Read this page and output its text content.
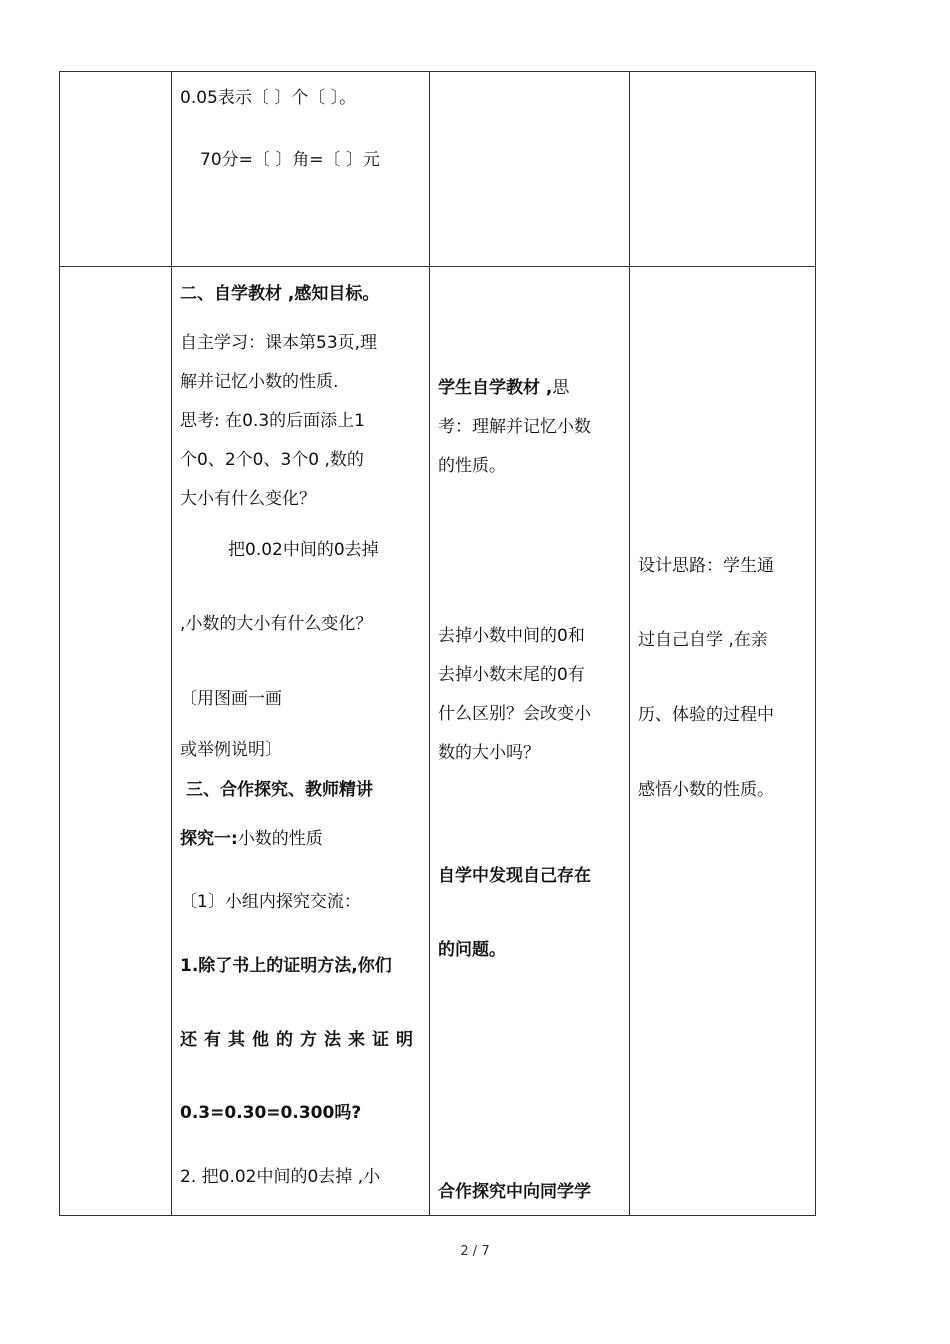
0.05表示〔 〕个〔 〕。
70分=〔 〕角=〔 〕元
二、自学教材 ,感知目标。
自主学习：课本第53页,理
解并记忆小数的性质.
思考: 在0.3的后面添上1
个0、2个0、3个0 ,数的
大小有什么变化？
把0.02中间的0去掉
,小数的大小有什么变化？
〔用图画一画
或举例说明〕
三、合作探究、教师精讲
探究一:小数的性质
〔1〕小组内探究交流：
1.除了书上的证明方法,你们
还有其他的方法来证明
0.3=0.30=0.300吗?
2. 把0.02中间的0去掉 ,小
学生自学教材 ,思
考：理解并记忆小数
的性质。
去掉小数中间的0和
去掉小数末尾的0有
什么区别？会改变小
数的大小吗？
自学中发现自己存在
的问题。
合作探究中向同学学
设计思路：学生通
过自己自学 ,在亲
历、体验的过程中
感悟小数的性质。
2 / 7
